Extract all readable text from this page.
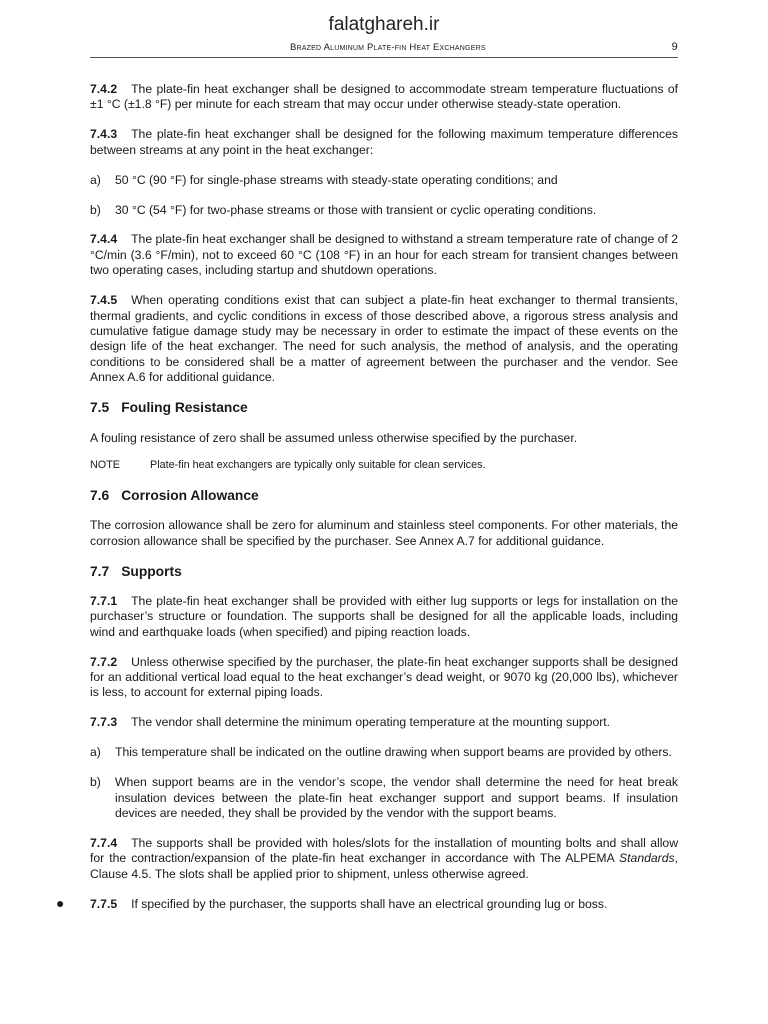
falatghareh.ir
Brazed Aluminum Plate-fin Heat Exchangers	9

7.4.2 The plate-fin heat exchanger shall be designed to accommodate stream temperature fluctuations of ±1 °C (±1.8 °F) per minute for each stream that may occur under otherwise steady-state operation.

7.4.3 The plate-fin heat exchanger shall be designed for the following maximum temperature differences between streams at any point in the heat exchanger:

a)	50 °C (90 °F) for single-phase streams with steady-state operating conditions; and
b)	30 °C (54 °F) for two-phase streams or those with transient or cyclic operating conditions.

7.4.4 The plate-fin heat exchanger shall be designed to withstand a stream temperature rate of change of 2 °C/min (3.6 °F/min), not to exceed 60 °C (108 °F) in an hour for each stream for transient changes between two operating cases, including startup and shutdown operations.

7.4.5 When operating conditions exist that can subject a plate-fin heat exchanger to thermal transients, thermal gradients, and cyclic conditions in excess of those described above, a rigorous stress analysis and cumulative fatigue damage study may be necessary in order to estimate the impact of these events on the design life of the heat exchanger. The need for such analysis, the method of analysis, and the operating conditions to be considered shall be a matter of agreement between the purchaser and the vendor. See Annex A.6 for additional guidance.

7.5 Fouling Resistance

A fouling resistance of zero shall be assumed unless otherwise specified by the purchaser.

NOTE	Plate-fin heat exchangers are typically only suitable for clean services.
7.6 Corrosion Allowance

The corrosion allowance shall be zero for aluminum and stainless steel components. For other materials, the corrosion allowance shall be specified by the purchaser. See Annex A.7 for additional guidance.

7.7 Supports

7.7.1 The plate-fin heat exchanger shall be provided with either lug supports or legs for installation on the purchaser’s structure or foundation. The supports shall be designed for all the applicable loads, including wind and earthquake loads (when specified) and piping reaction loads.

7.7.2 Unless otherwise specified by the purchaser, the plate-fin heat exchanger supports shall be designed for an additional vertical load equal to the heat exchanger’s dead weight, or 9070 kg (20,000 lbs), whichever is less, to account for external piping loads.

7.7.3 The vendor shall determine the minimum operating temperature at the mounting support.

a)	This temperature shall be indicated on the outline drawing when support beams are provided by others.
b)	When support beams are in the vendor’s scope, the vendor shall determine the need for heat break insulation devices between the plate-fin heat exchanger support and support beams. If insulation devices are needed, they shall be provided by the vendor with the support beams.

7.7.4 The supports shall be provided with holes/slots for the installation of mounting bolts and shall allow for the contraction/expansion of the plate-fin heat exchanger in accordance with The ALPEMA Standards, Clause 4.5. The slots shall be applied prior to shipment, unless otherwise agreed.

● 7.7.5 If specified by the purchaser, the supports shall have an electrical grounding lug or boss.
